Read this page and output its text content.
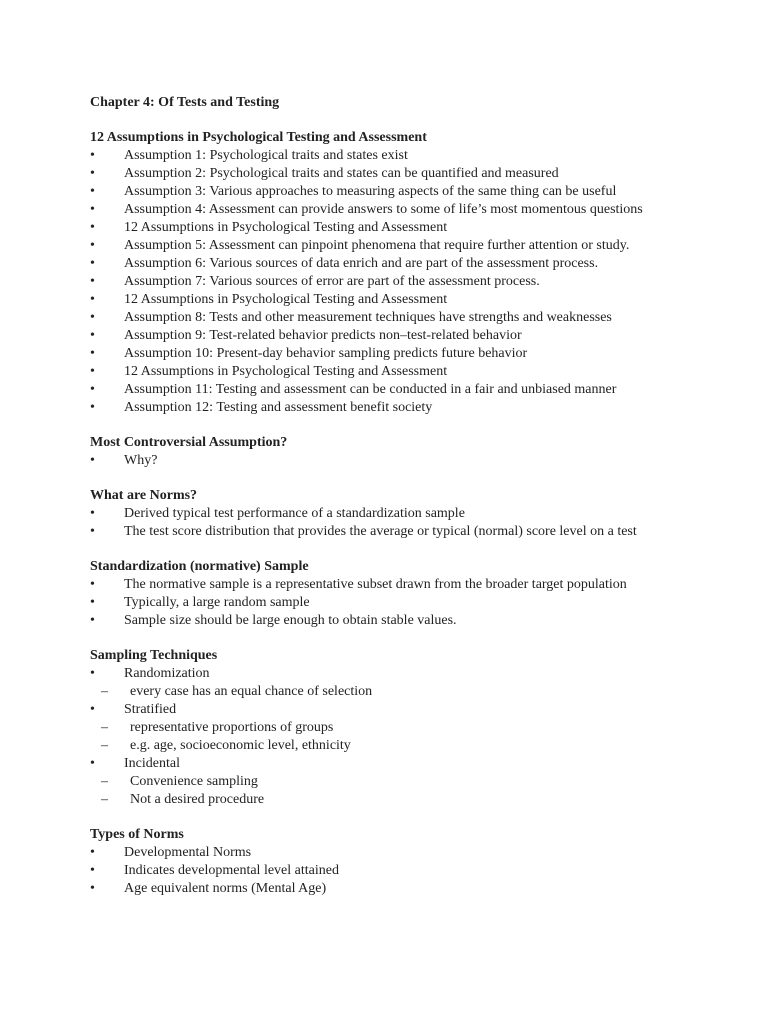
Chapter 4: Of Tests and Testing
12 Assumptions in Psychological Testing and Assessment
•	Assumption 1: Psychological traits and states exist
•	Assumption 2: Psychological traits and states can be quantified and measured
•	Assumption 3: Various approaches to measuring aspects of the same thing can be useful
•	Assumption 4: Assessment can provide answers to some of life’s most momentous questions
•	12 Assumptions in Psychological Testing and Assessment
•	Assumption 5: Assessment can pinpoint phenomena that require further attention or study.
•	Assumption 6: Various sources of data enrich and are part of the assessment process.
•	Assumption 7: Various sources of error are part of the assessment process.
•	12 Assumptions in Psychological Testing and Assessment
•	Assumption 8: Tests and other measurement techniques have strengths and weaknesses
•	Assumption 9: Test-related behavior predicts non–test-related behavior
•	Assumption 10: Present-day behavior sampling predicts future behavior
•	12 Assumptions in Psychological Testing and Assessment
•	Assumption 11: Testing and assessment can be conducted in a fair and unbiased manner
•	Assumption 12: Testing and assessment benefit society
Most Controversial Assumption?
•	Why?
What are Norms?
•	Derived typical test performance of a standardization sample
•	The test score distribution that provides the average or typical (normal) score level on a test
Standardization (normative) Sample
•	The normative sample is a representative subset drawn from the broader target population
•	Typically, a large random sample
•	Sample size should be large enough to obtain stable values.
Sampling Techniques
•	Randomization
– every case has an equal chance of selection
•	Stratified
– representative proportions of groups
– e.g. age, socioeconomic level, ethnicity
•	Incidental
– Convenience sampling
– Not a desired procedure
Types of Norms
•	Developmental Norms
•	Indicates developmental level attained
•	Age equivalent norms (Mental Age)
